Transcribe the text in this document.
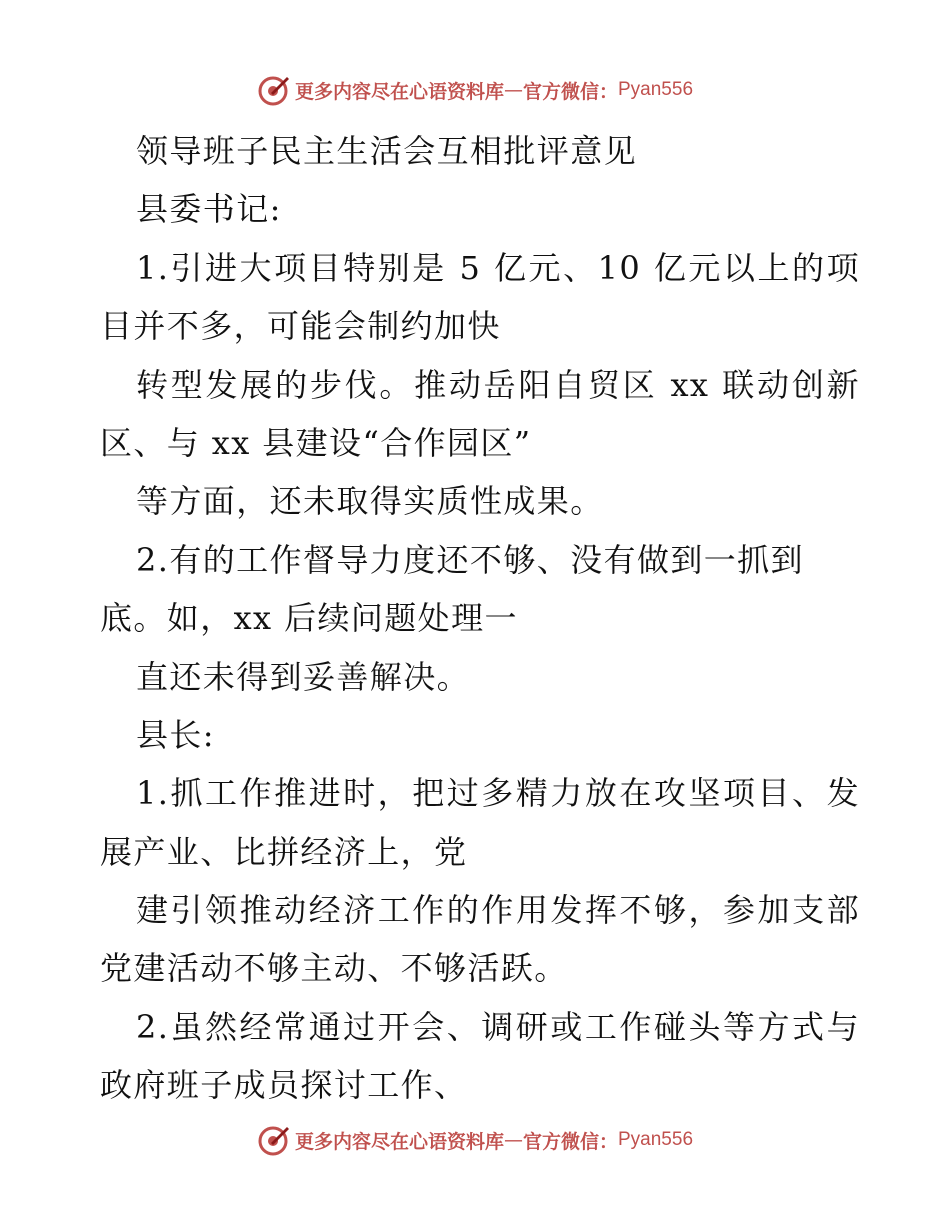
更多内容尽在心语资料库 — 官方微信： Pyan556
领导班子民主生活会互相批评意见
县委书记:
1.引进大项目特别是 5 亿元、10 亿元以上的项
目并不多，可能会制约加快
转型发展的步伐。推动岳阳自贸区 xx 联动创新
区、与 xx 县建设“合作园区”
等方面，还未取得实质性成果。
2.有的工作督导力度还不够、没有做到一抓到
底。如，xx 后续问题处理一
直还未得到妥善解决。
县长:
1.抓工作推进时，把过多精力放在攻坚项目、发
展产业、比拼经济上，党
建引领推动经济工作的作用发挥不够，参加支部
党建活动不够主动、不够活跃。
2.虽然经常通过开会、调研或工作碰头等方式与
政府班子成员探讨工作、
更多内容尽在心语资料库 — 官方微信： Pyan556
